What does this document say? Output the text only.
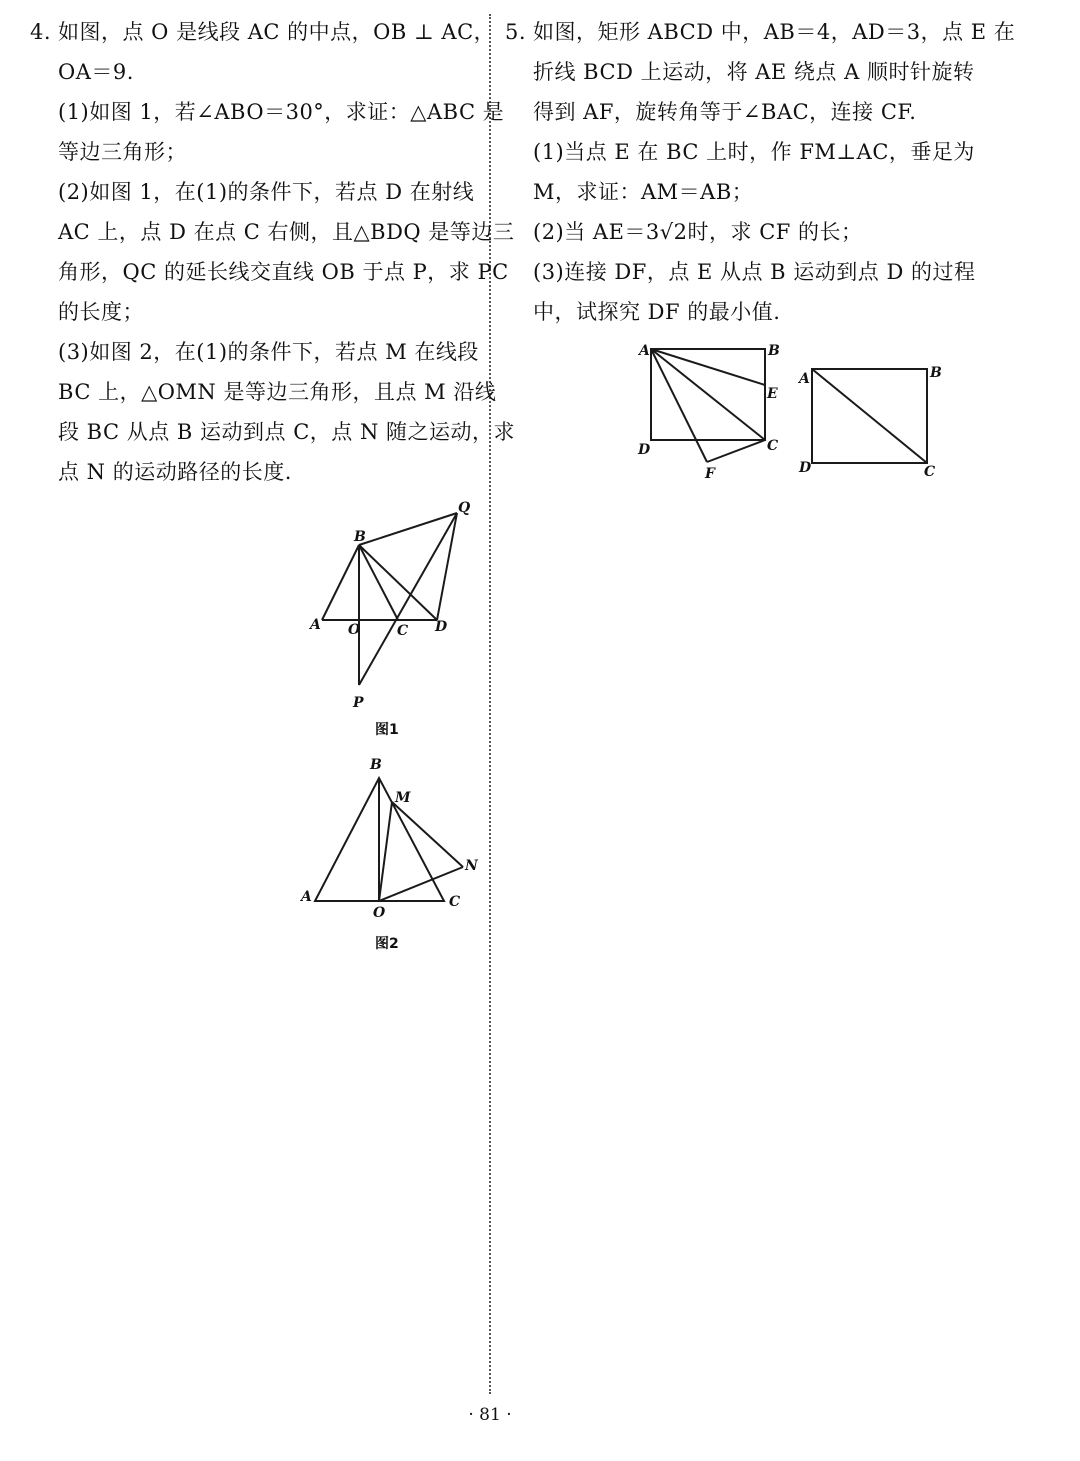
4. 如图，点 O 是线段 AC 的中点，OB ⊥ AC，
OA＝9.
(1)如图 1，若∠ABO＝30°，求证：△ABC 是
等边三角形；
(2)如图 1，在(1)的条件下，若点 D 在射线
AC 上，点 D 在点 C 右侧，且△BDQ 是等边三
角形，QC 的延长线交直线 OB 于点 P，求 PC
的长度；
(3)如图 2，在(1)的条件下，若点 M 在线段
BC 上，△OMN 是等边三角形，且点 M 沿线
段 BC 从点 B 运动到点 C，点 N 随之运动，求
点 N 的运动路径的长度.
A O	C D
B
Q
P
图1
A
O
C
B
M
N
图2
5. 如图，矩形 ABCD 中，AB＝4，AD＝3，点 E 在
折线 BCD 上运动，将 AE 绕点 A 顺时针旋转
得到 AF，旋转角等于∠BAC，连接 CF.
(1)当点 E 在 BC 上时，作 FM⊥AC，垂足为
M，求证：AM＝AB；
(2)当 AE＝3√2时，求 CF 的长；
(3)连接 DF，点 E 从点 B 运动到点 D 的过程
中，试探究 DF 的最小值.
A	B
E
C
D
F
A	B
C
D
· 81 ·
